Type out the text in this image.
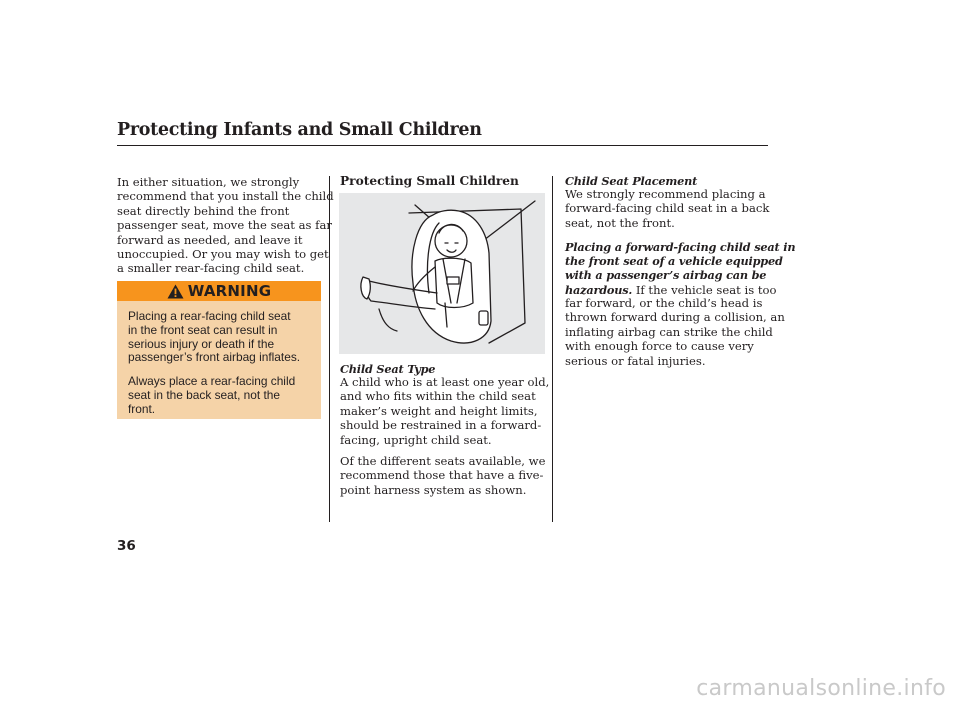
Protecting Infants and Small Children
In either situation, we strongly
recommend that you install the child
seat directly behind the front
passenger seat, move the seat as far
forward as needed, and leave it
unoccupied. Or you may wish to get
a smaller rear-facing child seat.
WARNING
Placing a rear-facing child seat
in the front seat can result in
serious injury or death if the
passenger’s front airbag inflates.
Always place a rear-facing child
seat in the back seat, not the
front.
Protecting Small Children
Child Seat Type
A child who is at least one year old,
and who fits within the child seat
maker’s weight and height limits,
should be restrained in a forward-
facing, upright child seat.
Of the different seats available, we
recommend those that have a five-
point harness system as shown.
Child Seat Placement
We strongly recommend placing a
forward-facing child seat in a back
seat, not the front.
Placing a forward-facing child seat in
the front seat of a vehicle equipped
with a passenger’s airbag can be
hazardous. If the vehicle seat is too
far forward, or the child’s head is
thrown forward during a collision, an
inflating airbag can strike the child
with enough force to cause very
serious or fatal injuries.
36
carmanualsonline.info
